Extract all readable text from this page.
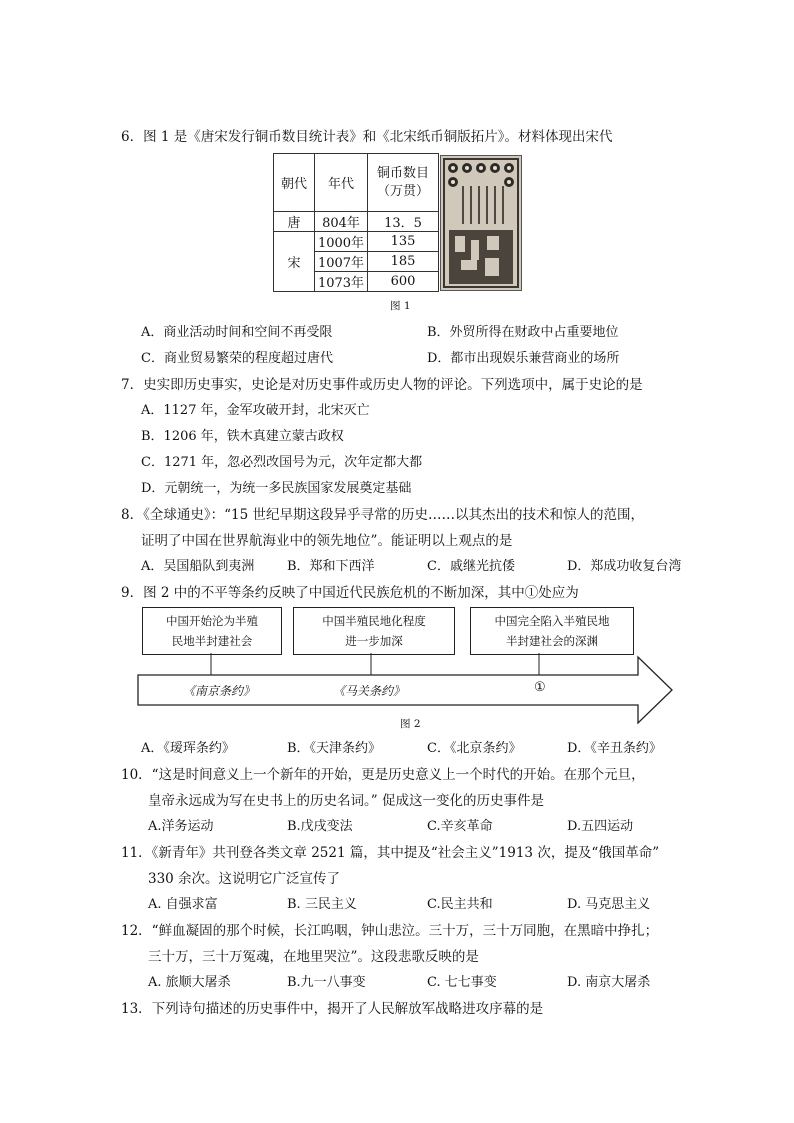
6．图 1 是《唐宋发行铜币数目统计表》和《北宋纸币铜版拓片》。材料体现出宋代
朝代	年代	铜币数目
（万贯）

唐	804年	13．5
宋	1000年	135
	1007年	185
	1073年	600
图 1
A．商业活动时间和空间不再受限	B．外贸所得在财政中占重要地位
C．商业贸易繁荣的程度超过唐代	D．都市出现娱乐兼营商业的场所
7．史实即历史事实，史论是对历史事件或历史人物的评论。下列选项中，属于史论的是
A．1127 年，金军攻破开封，北宋灭亡
B．1206 年，铁木真建立蒙古政权
C．1271 年，忽必烈改国号为元，次年定都大都
D．元朝统一，为统一多民族国家发展奠定基础
8．《全球通史》：“15 世纪早期这段异乎寻常的历史……以其杰出的技术和惊人的范围，
证明了中国在世界航海业中的领先地位”。能证明以上观点的是
A．吴国船队到夷洲	B．郑和下西洋	C．戚继光抗倭	D．郑成功收复台湾
9．图 2 中的不平等条约反映了中国近代民族危机的不断加深，其中①处应为
中国开始沦为半殖
民地半封建社会
中国半殖民地化程度
进一步加深
中国完全陷入半殖民地
半封建社会的深渊
《南京条约》	《马关条约》	①
图 2
A．《瑷珲条约》	B．《天津条约》	C．《北京条约》	D．《辛丑条约》
10．“这是时间意义上一个新年的开始，更是历史意义上一个时代的开始。在那个元旦，
皇帝永远成为写在史书上的历史名词。” 促成这一变化的历史事件是
A.洋务运动	B.戊戌变法	C.辛亥革命	D.五四运动
11．《新青年》共刊登各类文章 2521 篇，其中提及“社会主义”1913 次，提及“俄国革命”
330 余次。这说明它广泛宣传了
A. 自强求富	B. 三民主义	C.民主共和	D. 马克思主义
12．“鲜血凝固的那个时候，长江呜咽，钟山悲泣。三十万，三十万同胞，在黑暗中挣扎；
三十万，三十万冤魂，在地里哭泣”。这段悲歌反映的是
A. 旅顺大屠杀	B.九一八事变	C. 七七事变	D. 南京大屠杀
13．下列诗句描述的历史事件中，揭开了人民解放军战略进攻序幕的是
